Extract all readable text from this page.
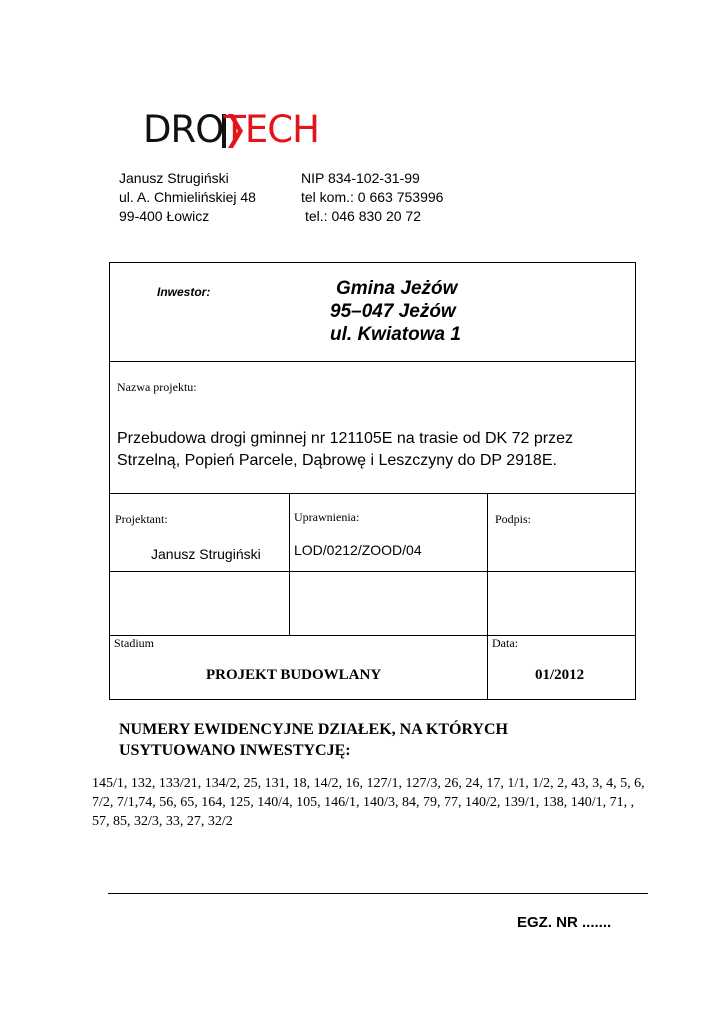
DROTECH
Janusz Strugiński
ul. A. Chmielińskiej 48
99-400 Łowicz
NIP 834-102-31-99
tel kom.: 0 663 753996
tel.: 046 830 20 72
Inwestor:	Gmina Jeżów
95–047 Jeżów
ul. Kwiatowa 1
Nazwa projektu:
Przebudowa drogi gminnej nr 121105E na trasie od DK 72 przez
Strzelną, Popień Parcele, Dąbrowę i Leszczyny do DP 2918E.
Projektant:
Janusz Strugiński
Uprawnienia:
LOD/0212/ZOOD/04
Podpis:
Stadium
PROJEKT BUDOWLANY
Data:
01/2012
NUMERY EWIDENCYJNE DZIAŁEK, NA KTÓRYCH
USYTUOWANO INWESTYCJĘ:
145/1, 132, 133/21, 134/2, 25, 131, 18, 14/2, 16, 127/1, 127/3, 26, 24, 17, 1/1, 1/2, 2, 43, 3, 4, 5, 6, 7/2, 7/1,74, 56, 65, 164, 125, 140/4, 105, 146/1, 140/3, 84, 79, 77, 140/2, 139/1, 138, 140/1, 71, , 57, 85, 32/3, 33, 27, 32/2
EGZ. NR .......
